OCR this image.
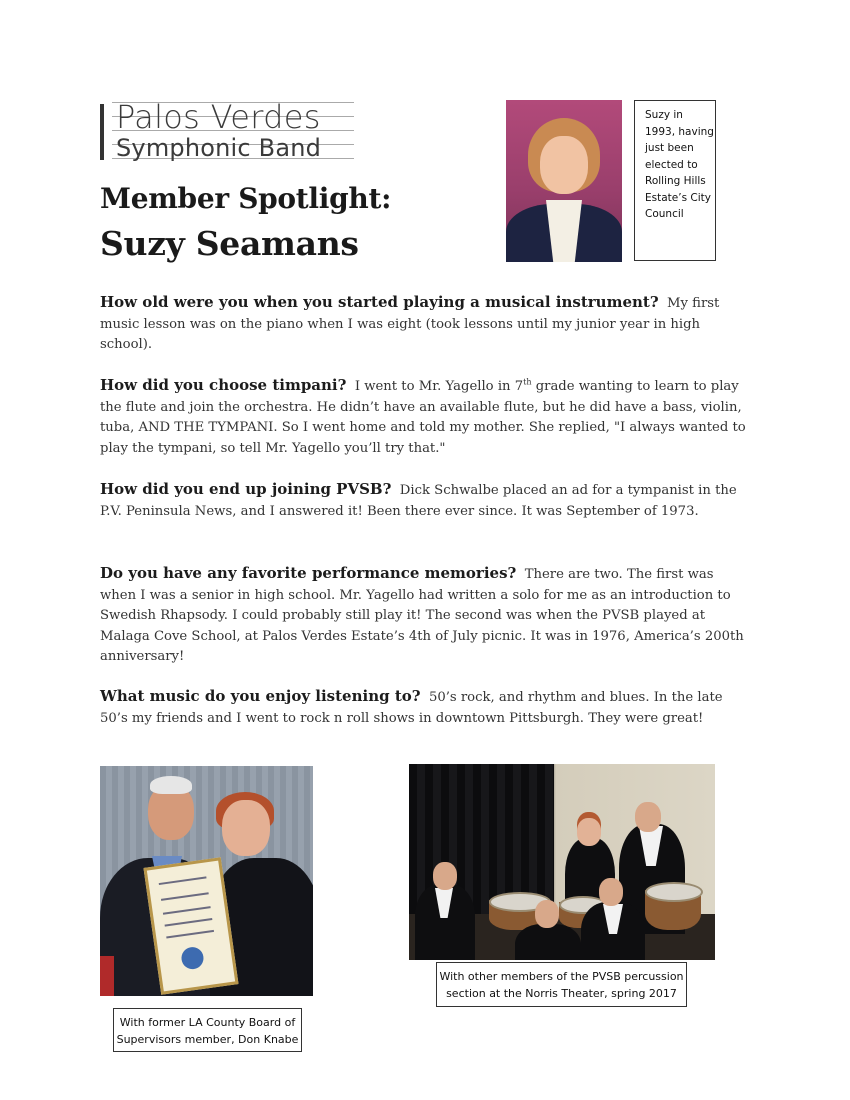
Palos Verdes
Symphonic Band
Member Spotlight:
Suzy Seamans
Suzy in 1993, having just been elected to Rolling Hills Estate’s City Council
How old were you when you started playing a musical instrument? My first music lesson was on the piano when I was eight (took lessons until my junior year in high school).
How did you choose timpani? I went to Mr. Yagello in 7th grade wanting to learn to play the flute and join the orchestra. He didn’t have an available flute, but he did have a bass, violin, tuba, AND THE TYMPANI. So I went home and told my mother. She replied, "I always wanted to play the tympani, so tell Mr. Yagello you’ll try that."
How did you end up joining PVSB? Dick Schwalbe placed an ad for a tympanist in the P.V. Peninsula News, and I answered it! Been there ever since. It was September of 1973.
Do you have any favorite performance memories? There are two. The first was when I was a senior in high school. Mr. Yagello had written a solo for me as an introduction to Swedish Rhapsody. I could probably still play it! The second was when the PVSB played at Malaga Cove School, at Palos Verdes Estate’s 4th of July picnic. It was in 1976, America’s 200th anniversary!
What music do you enjoy listening to? 50’s rock, and rhythm and blues. In the late 50’s my friends and I went to rock n roll shows in downtown Pittsburgh. They were great!
With former LA County Board of
Supervisors member, Don Knabe
With other members of the PVSB percussion
section at the Norris Theater, spring 2017
